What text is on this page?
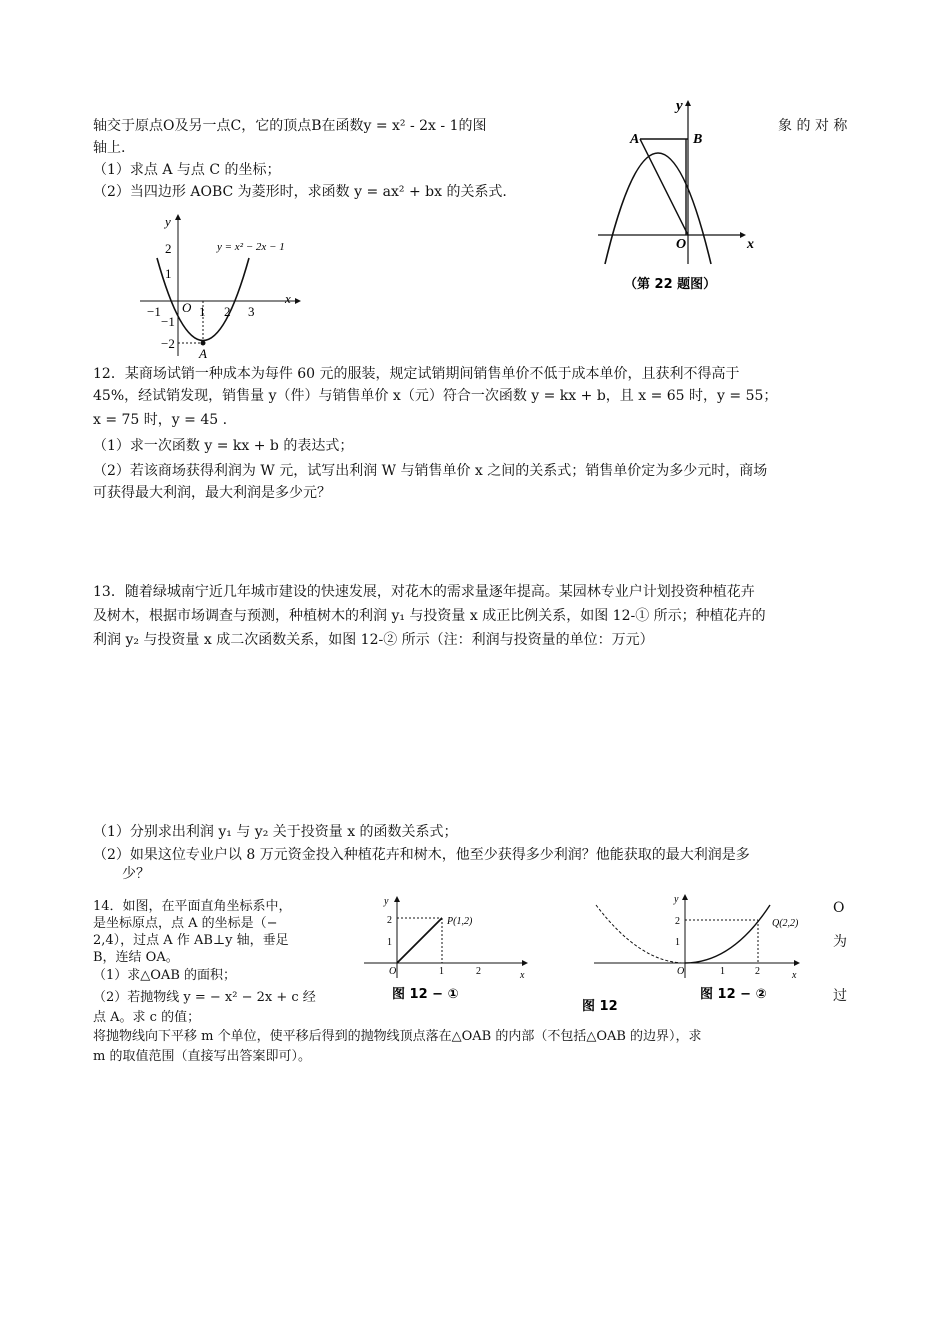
轴交于原点O及另一点C，它的顶点B在函数y = x² - 2x - 1的图	象 的 对 称
轴上.
（1）求点 A 与点 C 的坐标；
（2）当四边形 AOBC 为菱形时，求函数 y = ax² + bx 的关系式.
y
x
y = x² − 2x − 1
2
1
−1
−2
−1 O 1 2 3
A
y
x
A	B
O
（第 22 题图）
12．某商场试销一种成本为每件 60 元的服装，规定试销期间销售单价不低于成本单价，且获利不得高于
45%，经试销发现，销售量 y（件）与销售单价 x（元）符合一次函数 y = kx + b，且 x = 65 时，y = 55；
x = 75 时，y = 45 .
（1）求一次函数 y = kx + b 的表达式；
（2）若该商场获得利润为 W 元，试写出利润 W 与销售单价 x 之间的关系式；销售单价定为多少元时，商场
可获得最大利润，最大利润是多少元？
13．随着绿城南宁近几年城市建设的快速发展，对花木的需求量逐年提高。某园林专业户计划投资种植花卉
及树木，根据市场调查与预测，种植树木的利润 y₁ 与投资量 x 成正比例关系，如图 12-① 所示；种植花卉的
利润 y₂ 与投资量 x 成二次函数关系，如图 12-② 所示（注：利润与投资量的单位：万元）
（1）分别求出利润 y₁ 与 y₂ 关于投资量 x 的函数关系式；
（2）如果这位专业户以 8 万元资金投入种植花卉和树木，他至少获得多少利润？他能获取的最大利润是多
少？
14．如图，在平面直角坐标系中，
是坐标原点，点 A 的坐标是（−
2,4），过点 A 作 AB⊥y 轴，垂足
B，连结 OA。
（1）求△OAB 的面积；
（2）若抛物线 y = − x² − 2x + c 经
点 A。求 c 的值；
O
为
过
将抛物线向下平移 m 个单位，使平移后得到的抛物线顶点落在△OAB 的内部（不包括△OAB 的边界），求
m 的取值范围（直接写出答案即可）。
y
x
P(1,2)
2
1
O	1	2
图 12 − ①
y
x
Q(2,2)
2
1
O	1	2
图 12 − ②
图 12
